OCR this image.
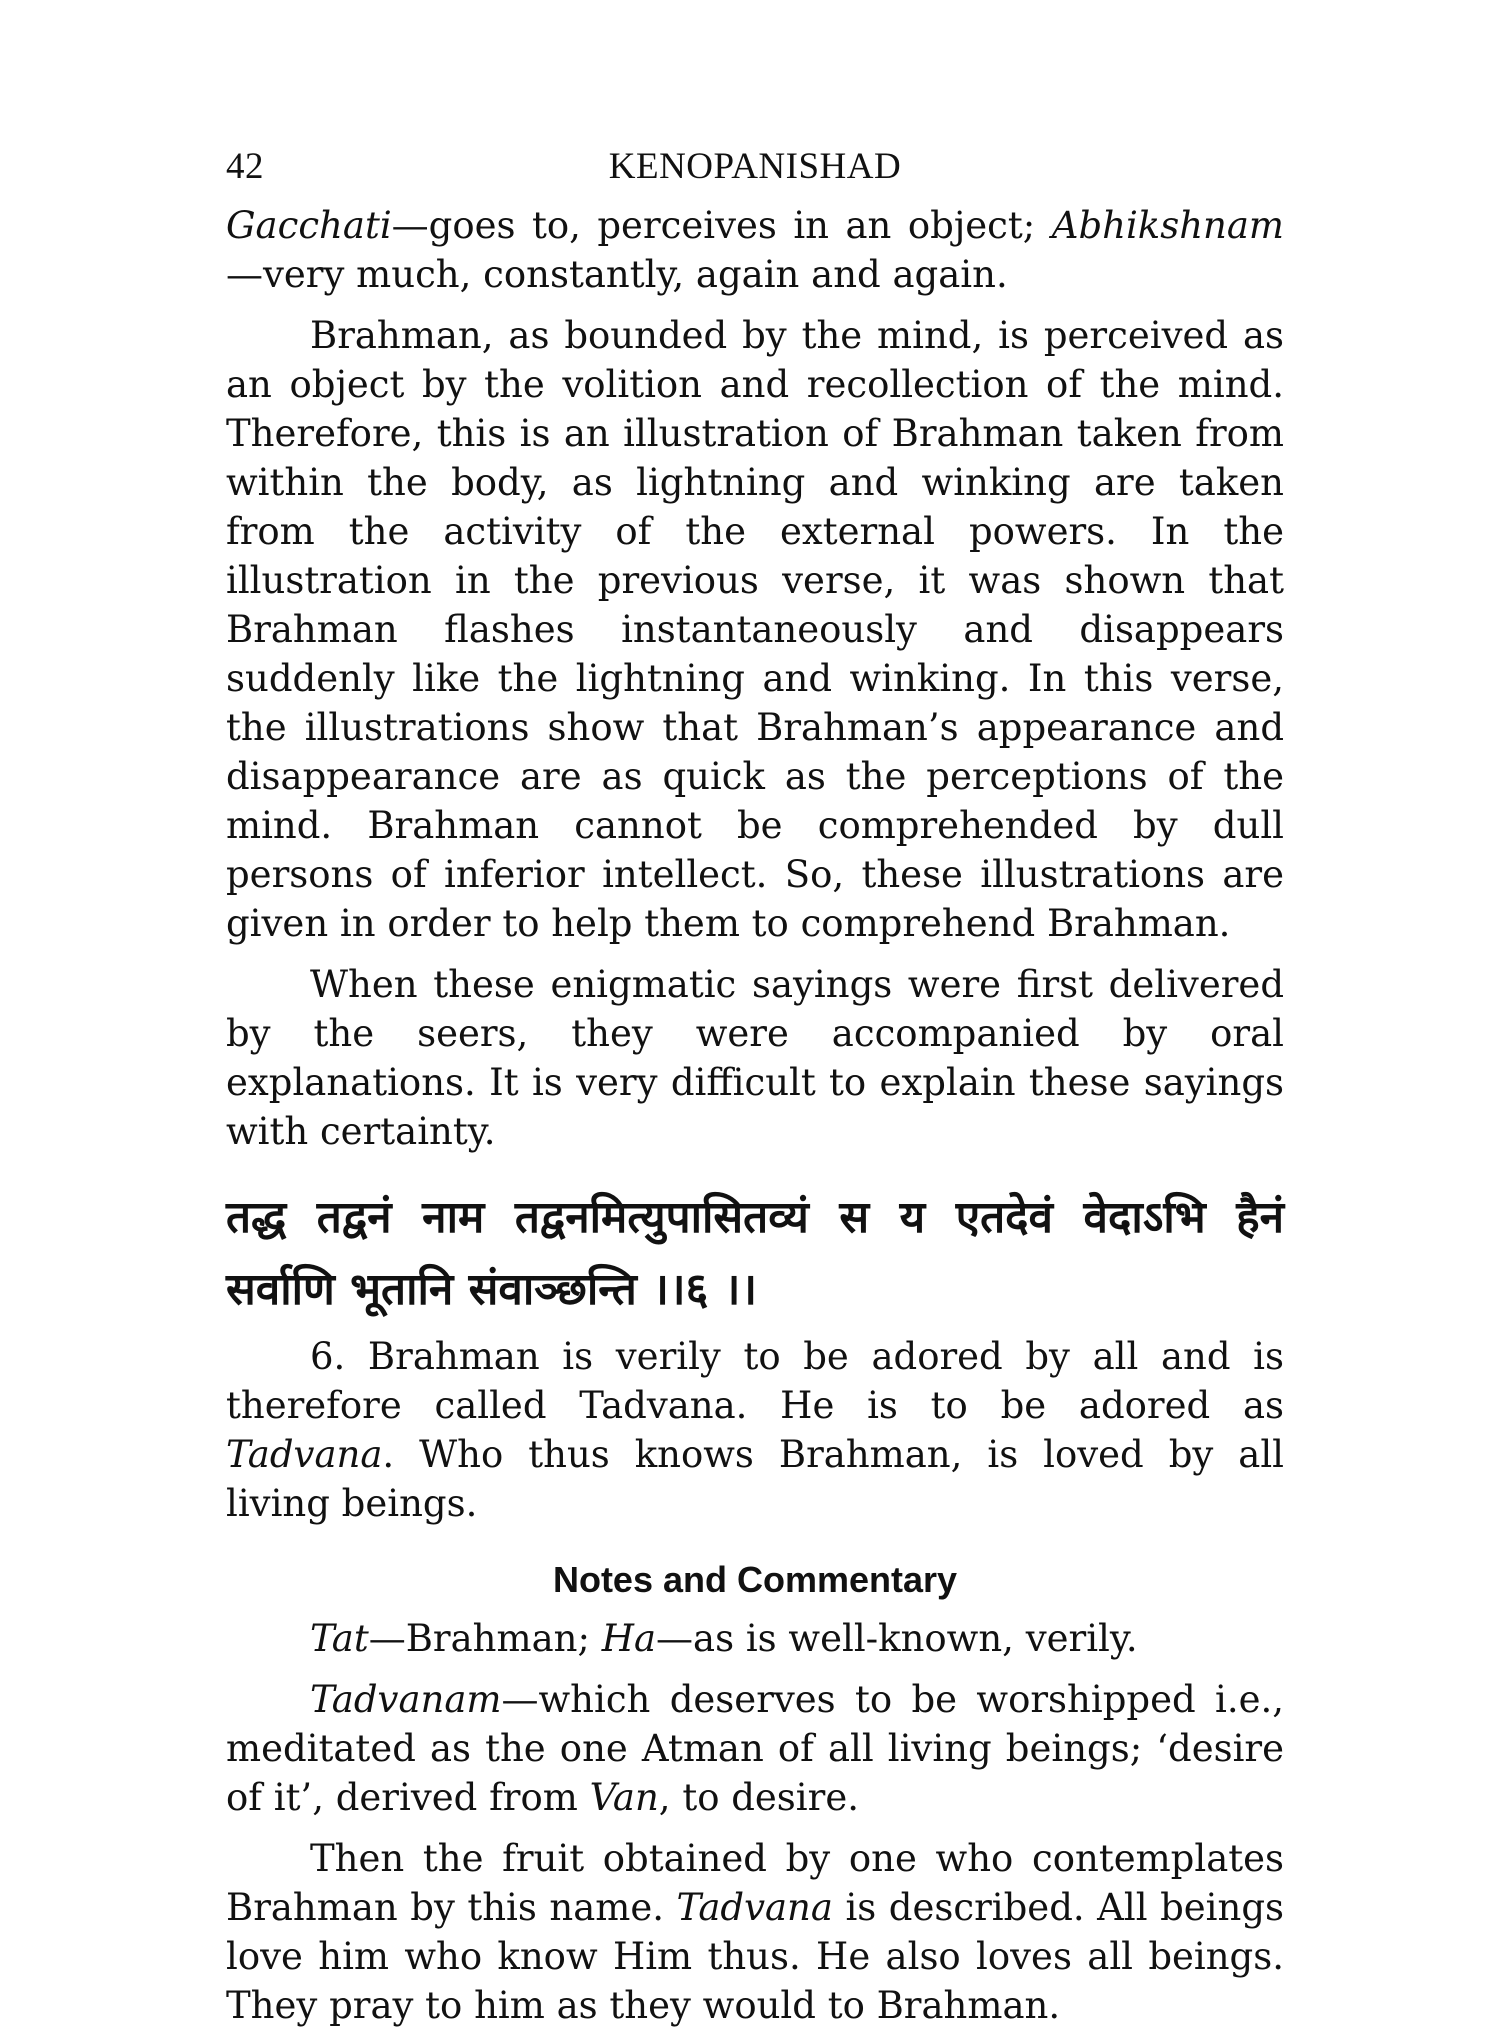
42	KENOPANISHAD

Gacchati—goes to, perceives in an object; Abhikshnam—very much, constantly, again and again.

Brahman, as bounded by the mind, is perceived as an object by the volition and recollection of the mind. Therefore, this is an illustration of Brahman taken from within the body, as lightning and winking are taken from the activity of the external powers. In the illustration in the previous verse, it was shown that Brahman flashes instantaneously and disappears suddenly like the lightning and winking. In this verse, the illustrations show that Brahman’s appearance and disappearance are as quick as the perceptions of the mind. Brahman cannot be comprehended by dull persons of inferior intellect. So, these illustrations are given in order to help them to comprehend Brahman.

When these enigmatic sayings were first delivered by the seers, they were accompanied by oral explanations. It is very difficult to explain these sayings with certainty.

तद्ध तद्वनं नाम तद्वनमित्युपासितव्यं स य एतदेवं वेदाऽभि हैनं सर्वाणि भूतानि संवाञ्छन्ति ।।६ ।।

6. Brahman is verily to be adored by all and is therefore called Tadvana. He is to be adored as Tadvana. Who thus knows Brahman, is loved by all living beings.

Notes and Commentary

Tat—Brahman; Ha—as is well-known, verily.

Tadvanam—which deserves to be worshipped i.e., meditated as the one Atman of all living beings; ‘desire of it’, derived from Van, to desire.

Then the fruit obtained by one who contemplates Brahman by this name. Tadvana is described. All beings love him who know Him thus. He also loves all beings. They pray to him as they would to Brahman.
